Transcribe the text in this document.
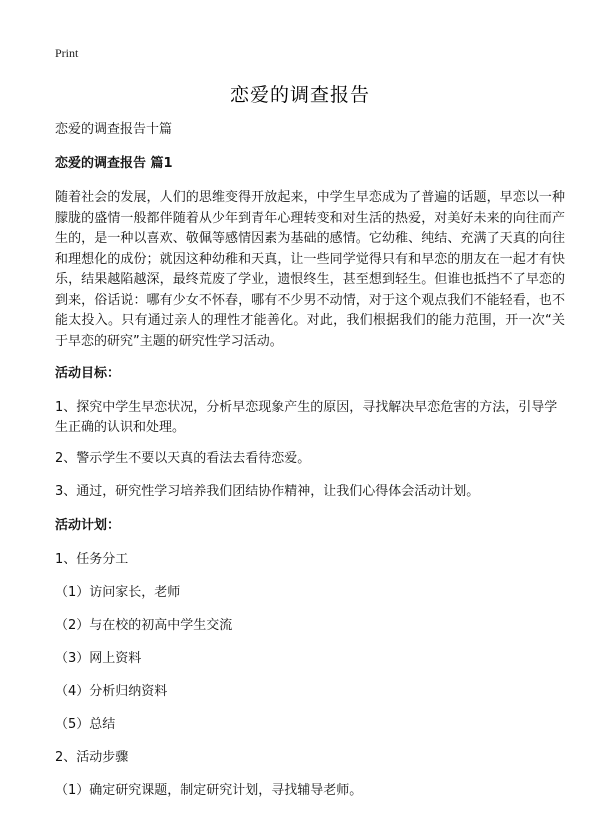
Print
恋爱的调查报告

恋爱的调查报告十篇

恋爱的调查报告 篇1

随着社会的发展，人们的思维变得开放起来，中学生早恋成为了普遍的话题，早恋以一种朦胧的盛情一般都伴随着从少年到青年心理转变和对生活的热爱，对美好未来的向往而产生的，是一种以喜欢、敬佩等感情因素为基础的感情。它幼稚、纯结、充满了天真的向往和理想化的成份；就因这种幼稚和天真，让一些同学觉得只有和早恋的朋友在一起才有快乐，结果越陷越深，最终荒废了学业，遗恨终生，甚至想到轻生。但谁也抵挡不了早恋的到来，俗话说：哪有少女不怀春，哪有不少男不动情，对于这个观点我们不能轻看，也不能太投入。只有通过亲人的理性才能善化。对此，我们根据我们的能力范围，开一次“关于早恋的研究”主题的研究性学习活动。

活动目标：

1、探究中学生早恋状况，分析早恋现象产生的原因，寻找解决早恋危害的方法，引导学生正确的认识和处理。

2、警示学生不要以天真的看法去看待恋爱。

3、通过，研究性学习培养我们团结协作精神，让我们心得体会活动计划。

活动计划：

1、任务分工

（1）访问家长，老师

（2）与在校的初高中学生交流

（3）网上资料

（4）分析归纳资料

（5）总结

2、活动步骤

（1）确定研究课题，制定研究计划，寻找辅导老师。
